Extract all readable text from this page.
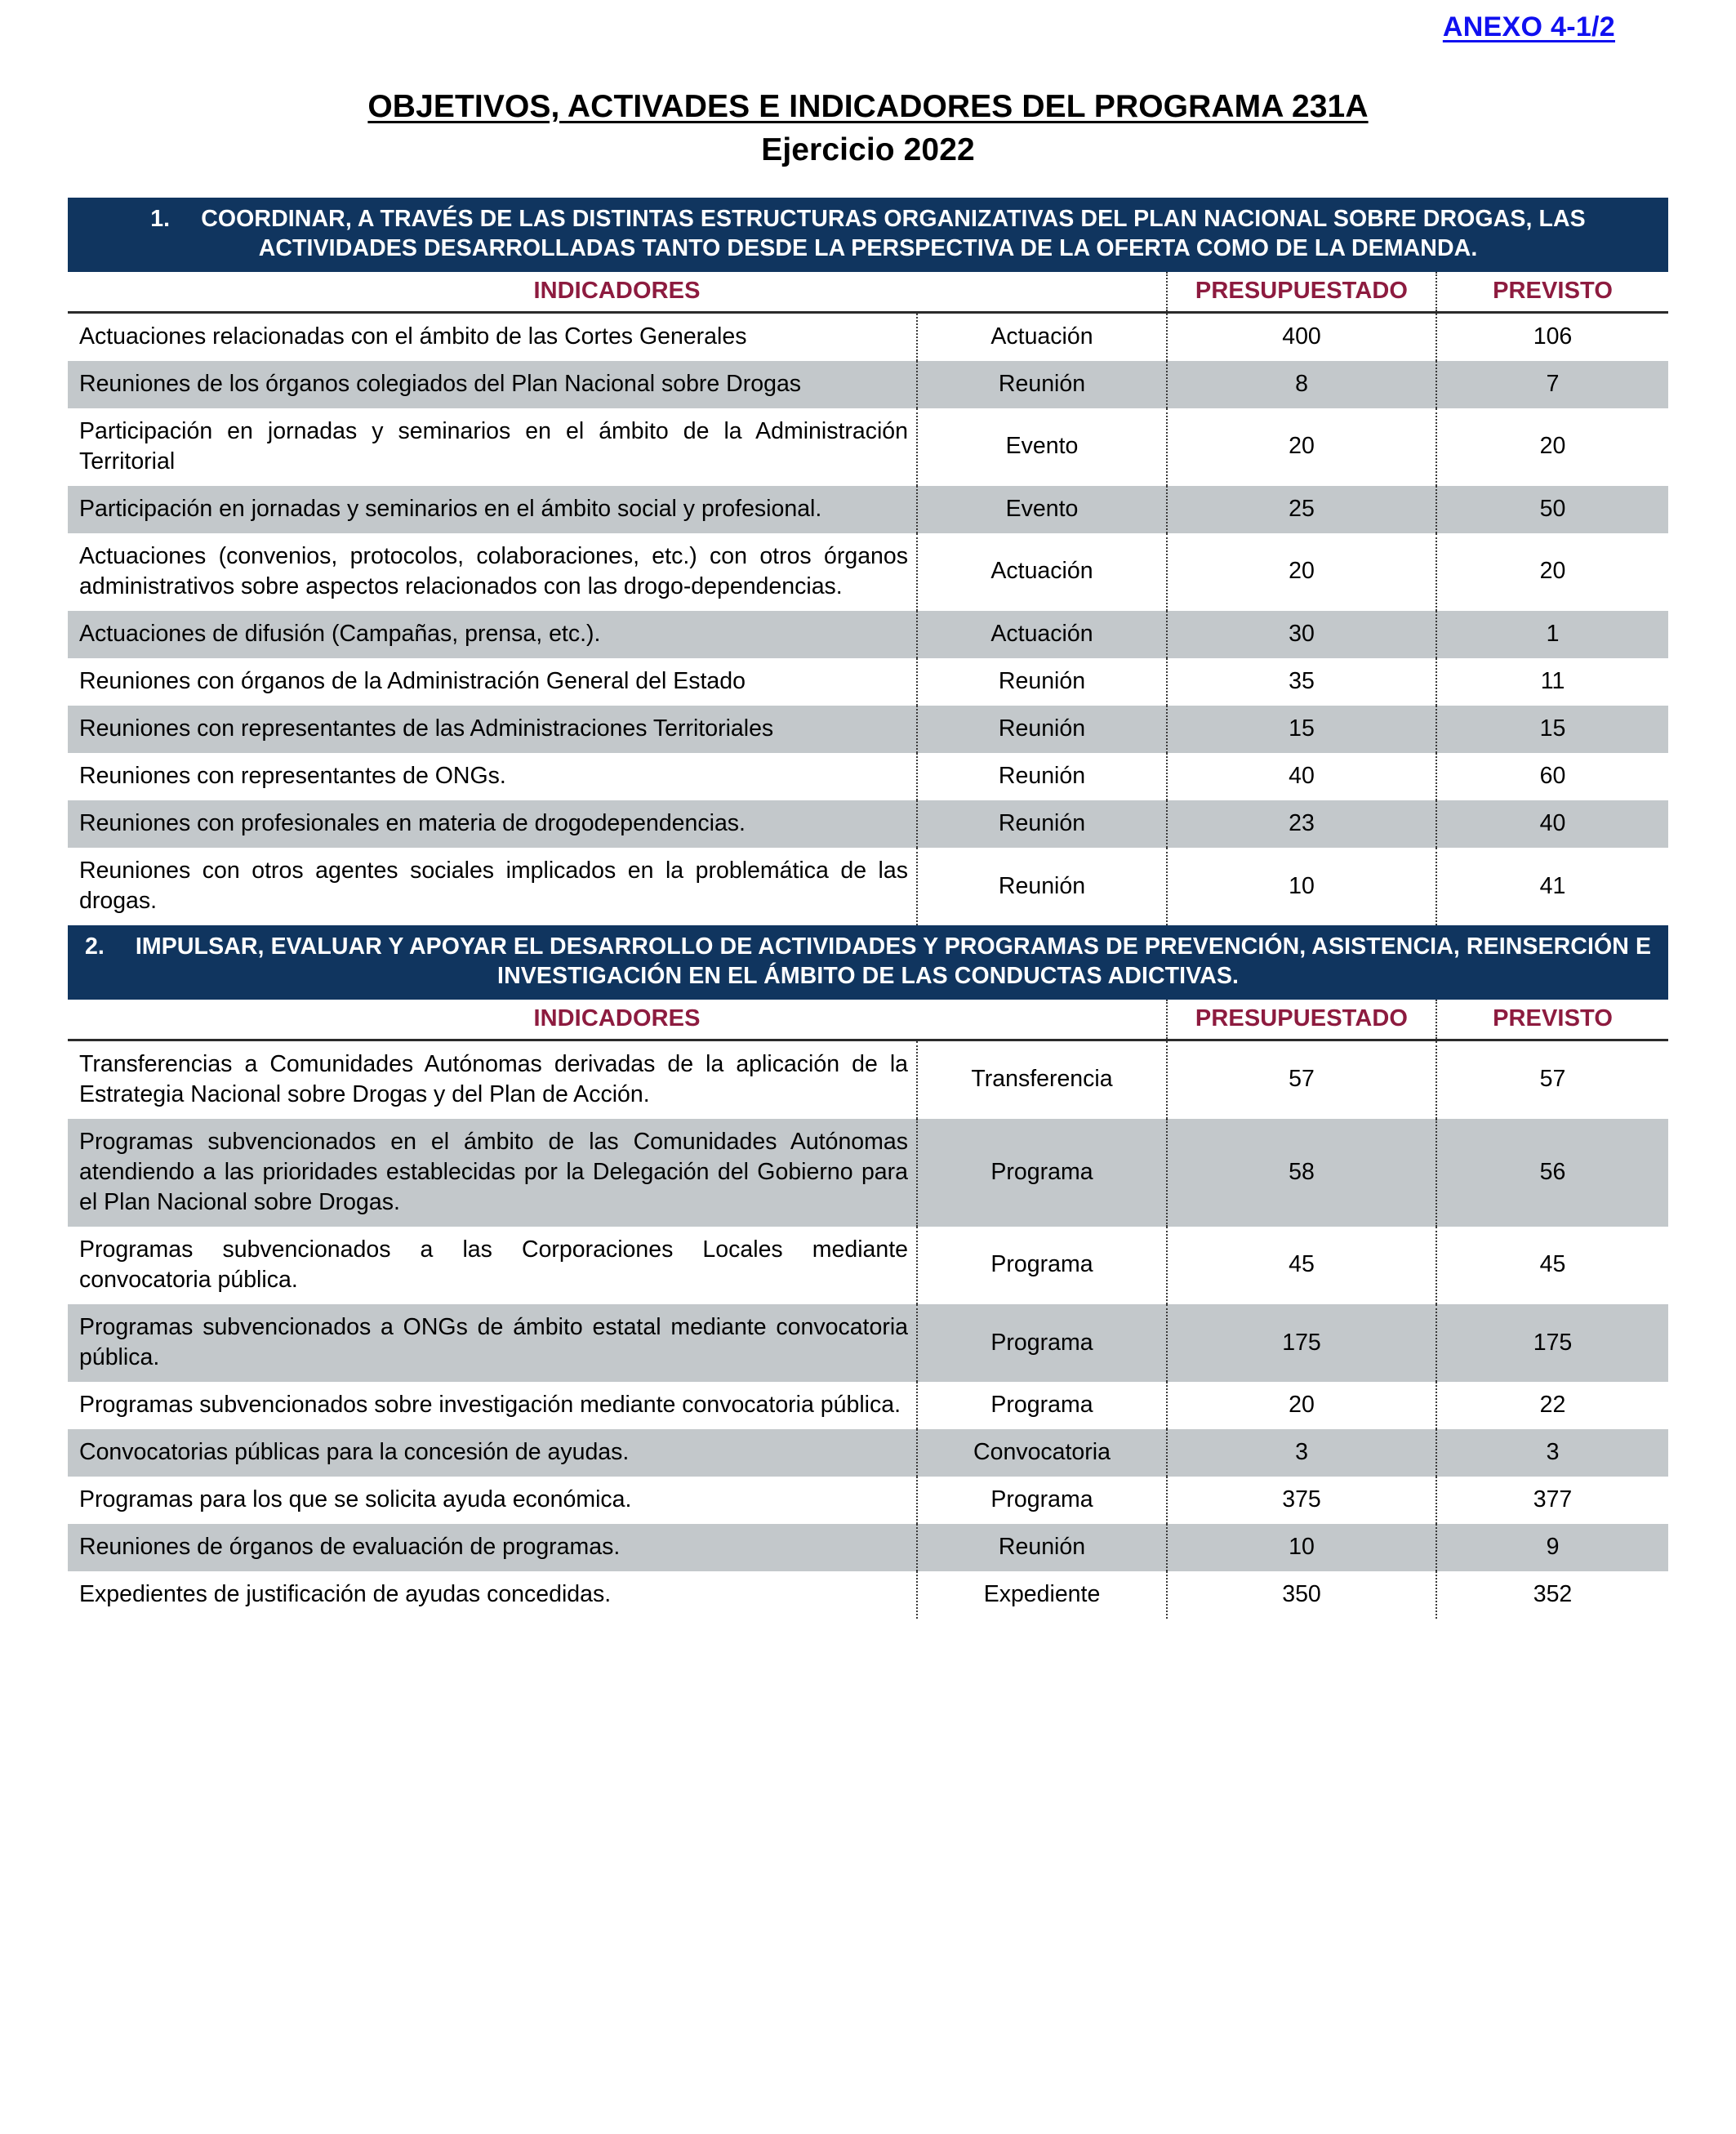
ANEXO 4-1/2
OBJETIVOS, ACTIVADES E INDICADORES DEL PROGRAMA 231A
Ejercicio 2022
1. COORDINAR, A TRAVÉS DE LAS DISTINTAS ESTRUCTURAS ORGANIZATIVAS DEL PLAN NACIONAL SOBRE DROGAS, LAS ACTIVIDADES DESARROLLADAS TANTO DESDE LA PERSPECTIVA DE LA OFERTA COMO DE LA DEMANDA.			
INDICADORES		PRESUPUESTADO	PREVISTO
Actuaciones relacionadas con el ámbito de las Cortes Generales	Actuación	400	106
Reuniones de los órganos colegiados del Plan Nacional sobre Drogas	Reunión	8	7
Participación en jornadas y seminarios en el ámbito de la Administración Territorial	Evento	20	20
Participación en jornadas y seminarios en el ámbito social y profesional.	Evento	25	50
Actuaciones (convenios, protocolos, colaboraciones, etc.) con otros órganos administrativos sobre aspectos relacionados con las drogo-dependencias.	Actuación	20	20
Actuaciones de difusión (Campañas, prensa, etc.).	Actuación	30	1
Reuniones con órganos de la Administración General del Estado	Reunión	35	11
Reuniones con representantes de las Administraciones Territoriales	Reunión	15	15
Reuniones con representantes de ONGs.	Reunión	40	60
Reuniones con profesionales en materia de drogodependencias.	Reunión	23	40
Reuniones con otros agentes sociales implicados en la problemática de las drogas.	Reunión	10	41
2. IMPULSAR, EVALUAR Y APOYAR EL DESARROLLO DE ACTIVIDADES Y PROGRAMAS DE PREVENCIÓN, ASISTENCIA, REINSERCIÓN E INVESTIGACIÓN EN EL ÁMBITO DE LAS CONDUCTAS ADICTIVAS.			
INDICADORES		PRESUPUESTADO	PREVISTO
Transferencias a Comunidades Autónomas derivadas de la aplicación de la Estrategia Nacional sobre Drogas y del Plan de Acción.	Transferencia	57	57
Programas subvencionados en el ámbito de las Comunidades Autónomas atendiendo a las prioridades establecidas por la Delegación del Gobierno para el Plan Nacional sobre Drogas.	Programa	58	56
Programas subvencionados a las Corporaciones Locales mediante convocatoria pública.	Programa	45	45
Programas subvencionados a ONGs de ámbito estatal mediante convocatoria pública.	Programa	175	175
Programas subvencionados sobre investigación mediante convocatoria pública.	Programa	20	22
Convocatorias públicas para la concesión de ayudas.	Convocatoria	3	3
Programas para los que se solicita ayuda económica.	Programa	375	377
Reuniones de órganos de evaluación de programas.	Reunión	10	9
Expedientes de justificación de ayudas concedidas.	Expediente	350	352
